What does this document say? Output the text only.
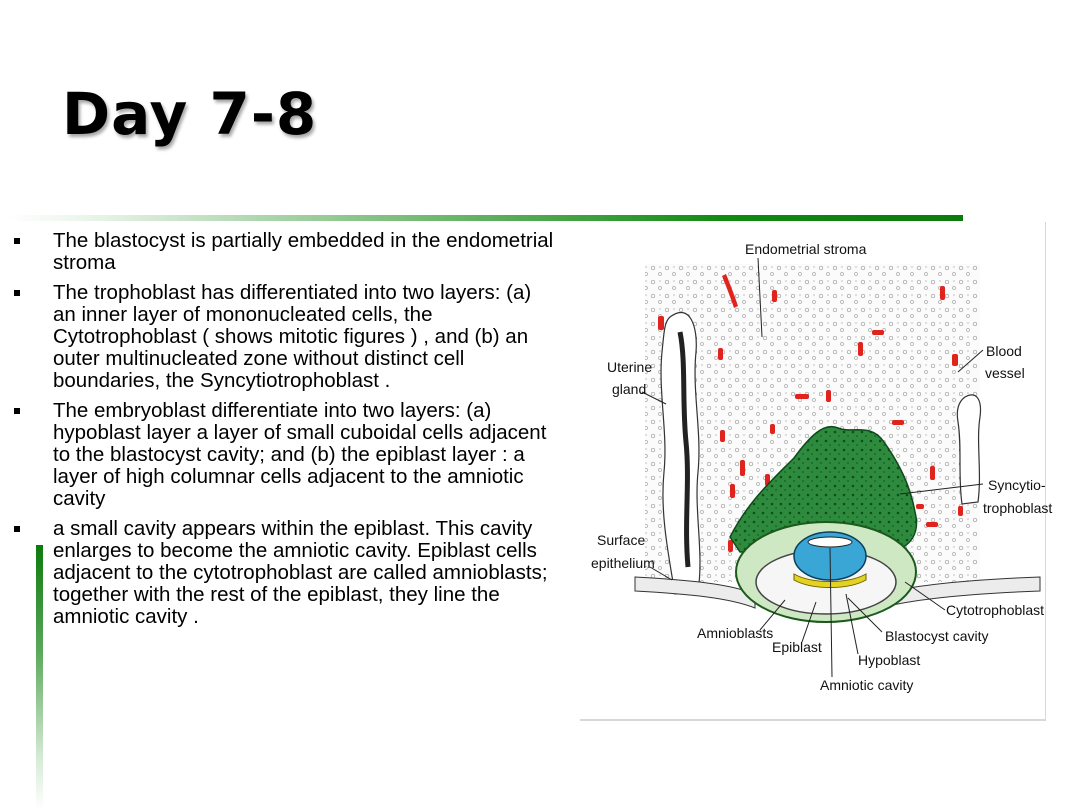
Day 7-8
The blastocyst is partially embedded in the endometrial stroma
The trophoblast has differentiated into two layers: (a) an inner layer of mononucleated cells, the Cytotrophoblast ( shows mitotic figures ) , and (b) an outer multinucleated zone without distinct cell boundaries, the Syncytiotrophoblast .
The embryoblast differentiate into two layers: (a) hypoblast layer a layer of small cuboidal cells adjacent to the blastocyst cavity; and (b) the epiblast layer : a layer of high columnar cells adjacent to the amniotic cavity
a small cavity appears within the epiblast. This cavity enlarges to become the amniotic cavity. Epiblast cells adjacent to the cytotrophoblast are called amnioblasts; together with the rest of the epiblast, they line the amniotic cavity .
Endometrial stroma
Uterine
gland
Blood
vessel
Syncytio-
trophoblast
Surface
epithelium
Cytotrophoblast
Amnioblasts	Blastocyst cavity
Epiblast
Hypoblast
Amniotic cavity
